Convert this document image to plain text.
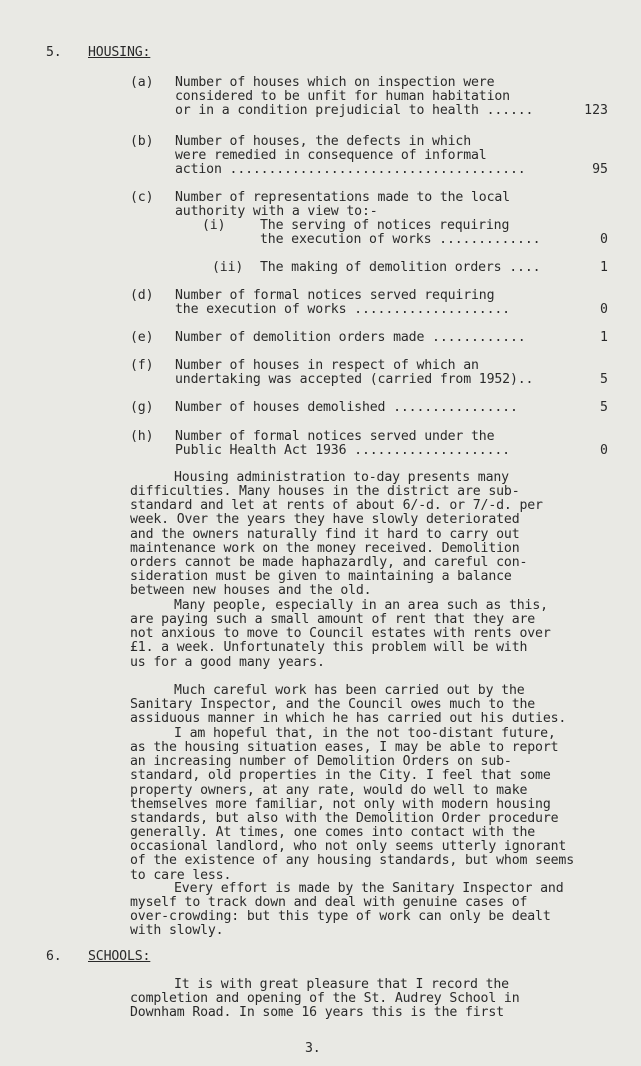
5. HOUSING:
(a) Number of houses which on inspection were
considered to be unfit for human habitation
or in a condition prejudicial to health ......	123
(b) Number of houses, the defects in which
were remedied in consequence of informal
action ......................................	95
(c) Number of representations made to the local
authority with a view to:-
(i)	The serving of notices requiring
the execution of works .............	0
(ii) The making of demolition orders ....	1
(d) Number of formal notices served requiring
the execution of works ....................	0
(e) Number of demolition orders made ............	1
(f) Number of houses in respect of which an
undertaking was accepted (carried from 1952)..	5
(g) Number of houses demolished ................	5
(h) Number of formal notices served under the
Public Health Act 1936 ....................	0
Housing administration to-day presents many
difficulties. Many houses in the district are sub-
standard and let at rents of about 6/-d. or 7/-d. per
week. Over the years they have slowly deteriorated
and the owners naturally find it hard to carry out
maintenance work on the money received. Demolition
orders cannot be made haphazardly, and careful con-
sideration must be given to maintaining a balance
between new houses and the old.
Many people, especially in an area such as this,
are paying such a small amount of rent that they are
not anxious to move to Council estates with rents over
£1. a week. Unfortunately this problem will be with
us for a good many years.
Much careful work has been carried out by the
Sanitary Inspector, and the Council owes much to the
assiduous manner in which he has carried out his duties.
I am hopeful that, in the not too-distant future,
as the housing situation eases, I may be able to report
an increasing number of Demolition Orders on sub-
standard, old properties in the City. I feel that some
property owners, at any rate, would do well to make
themselves more familiar, not only with modern housing
standards, but also with the Demolition Order procedure
generally. At times, one comes into contact with the
occasional landlord, who not only seems utterly ignorant
of the existence of any housing standards, but whom seems
to care less.
Every effort is made by the Sanitary Inspector and
myself to track down and deal with genuine cases of
over-crowding: but this type of work can only be dealt
with slowly.
6. SCHOOLS:
It is with great pleasure that I record the
completion and opening of the St. Audrey School in
Downham Road. In some 16 years this is the first
3.
